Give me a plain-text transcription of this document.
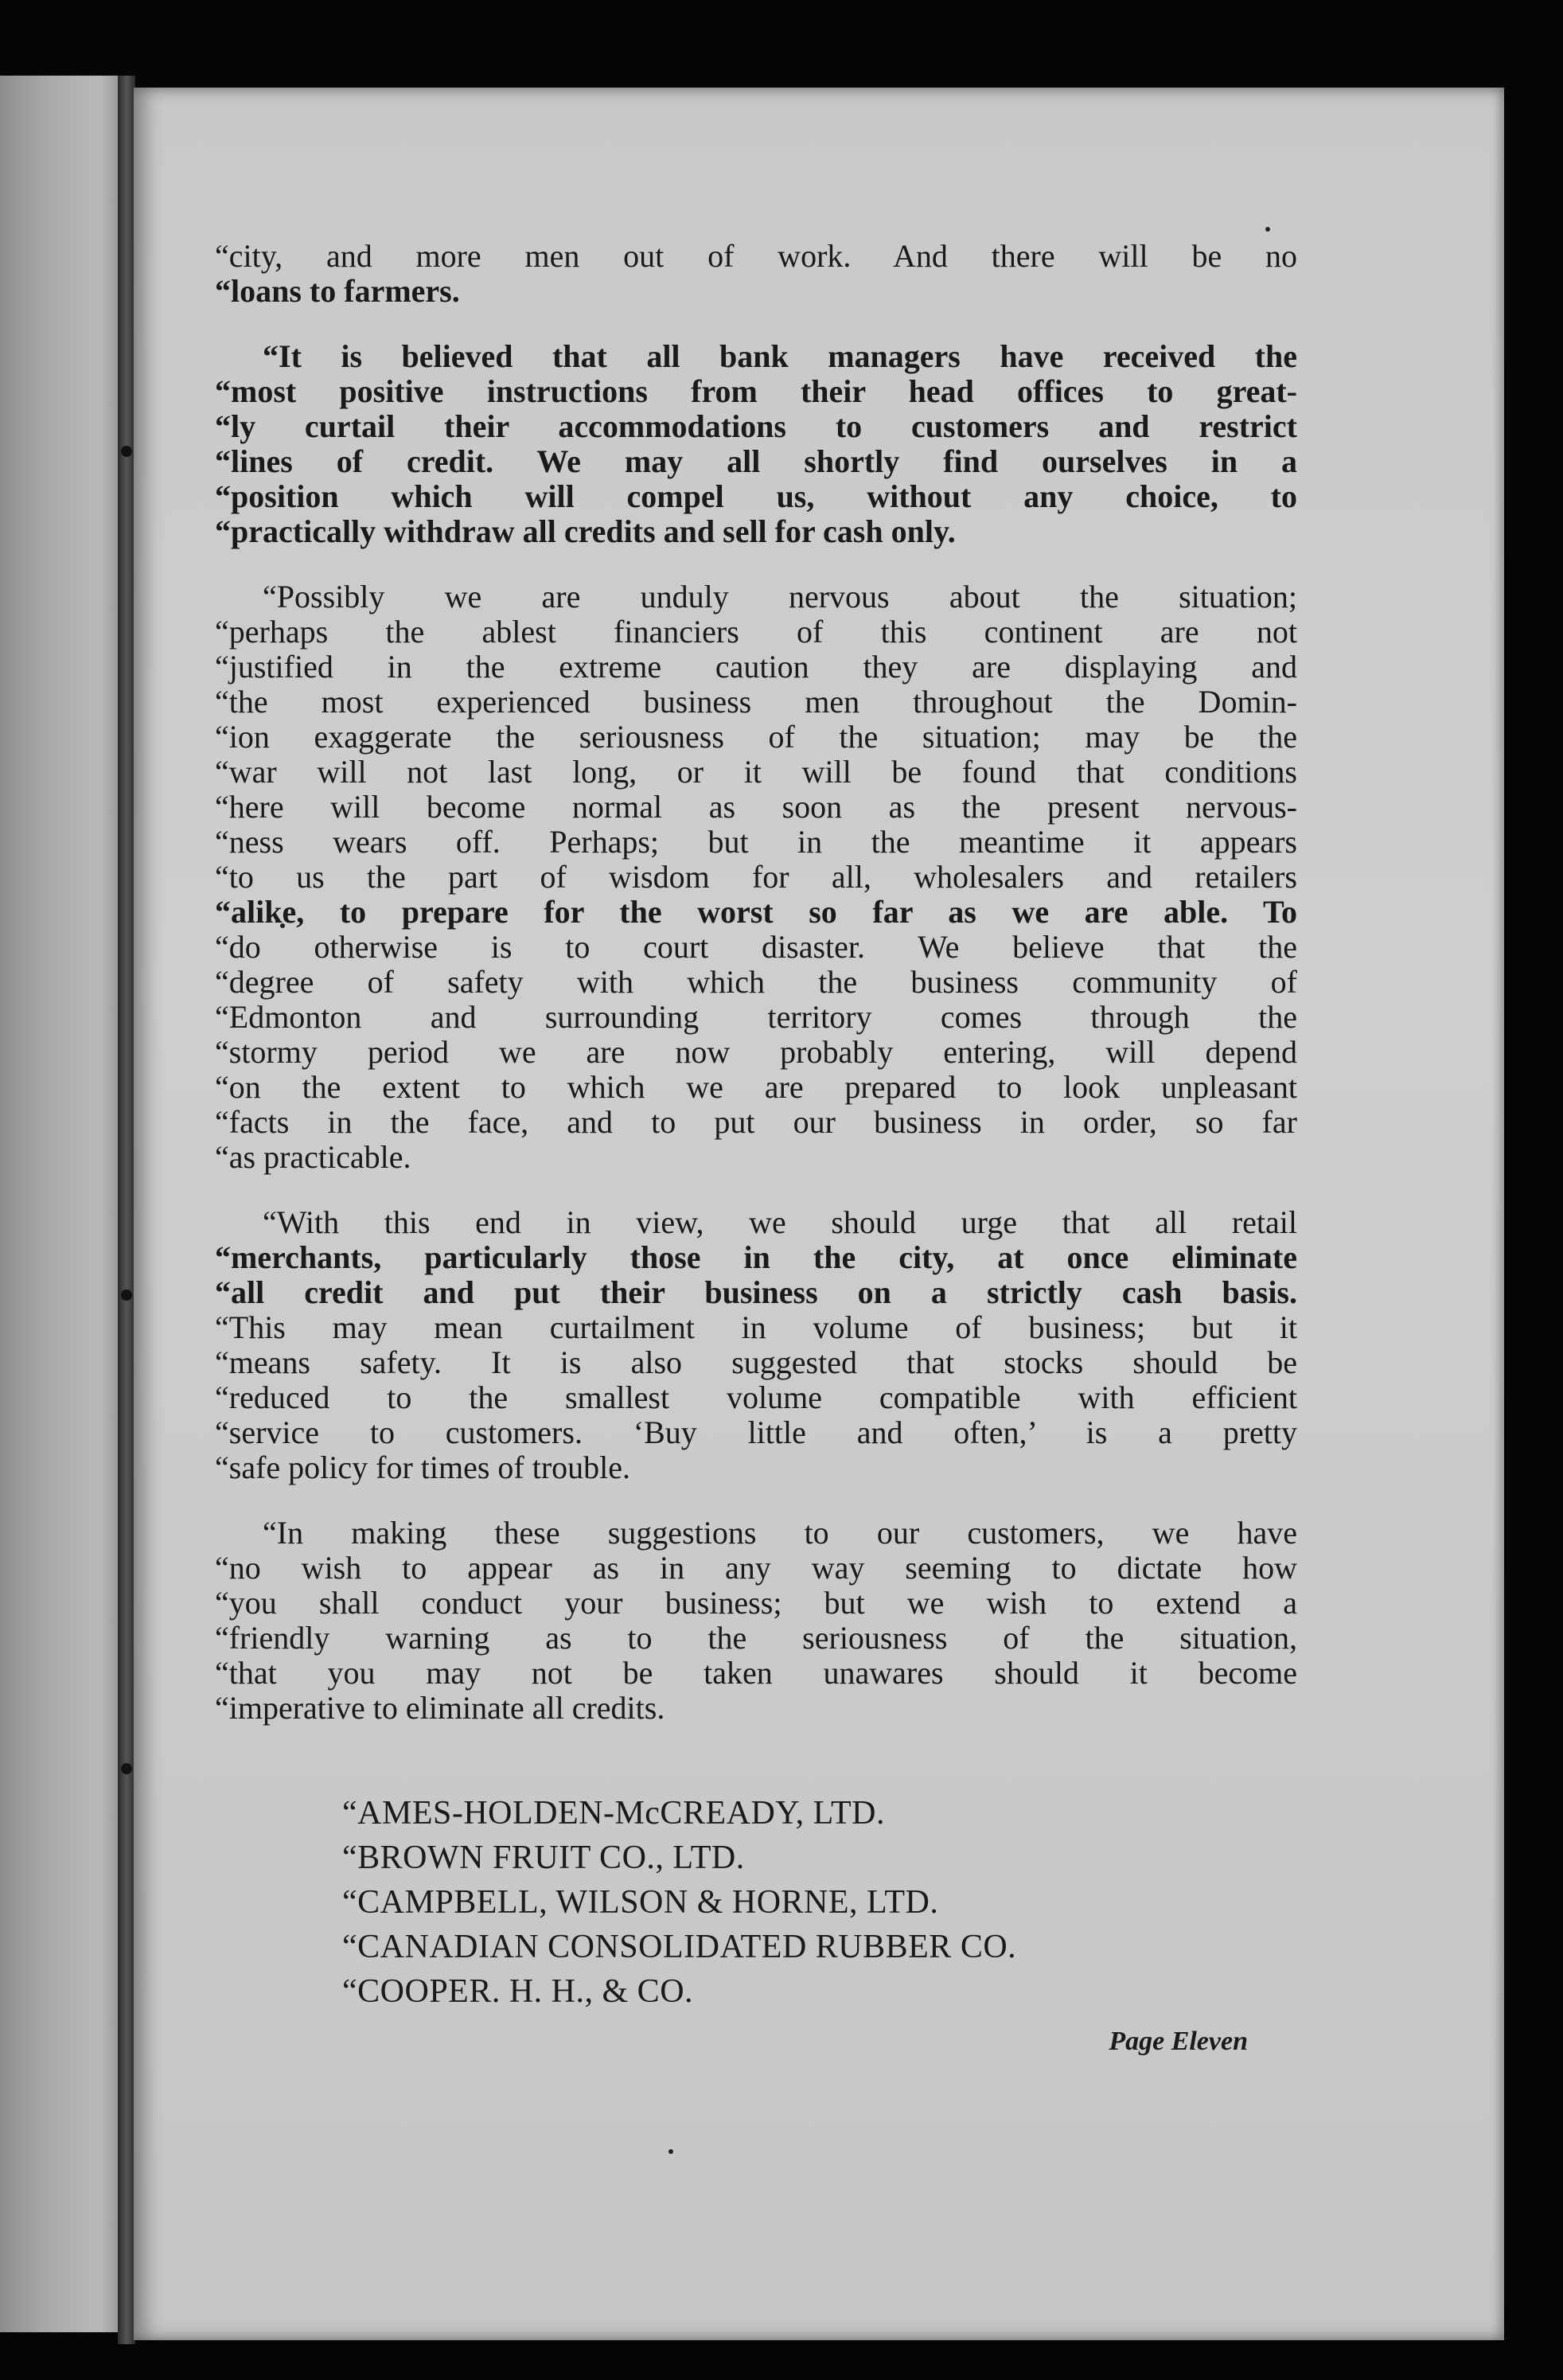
“city, and more men out of work. And there will be no
“loans to farmers.

“It is believed that all bank managers have received the
“most positive instructions from their head offices to great-
“ly curtail their accommodations to customers and restrict
“lines of credit. We may all shortly find ourselves in a
“position which will compel us, without any choice, to
“practically withdraw all credits and sell for cash only.

“Possibly we are unduly nervous about the situation;
“perhaps the ablest financiers of this continent are not
“justified in the extreme caution they are displaying and
“the most experienced business men throughout the Domin-
“ion exaggerate the seriousness of the situation; may be the
“war will not last long, or it will be found that conditions
“here will become normal as soon as the present nervous-
“ness wears off. Perhaps; but in the meantime it appears
“to us the part of wisdom for all, wholesalers and retailers
“alike, to prepare for the worst so far as we are able. To
“do otherwise is to court disaster. We believe that the
“degree of safety with which the business community of
“Edmonton and surrounding territory comes through the
“stormy period we are now probably entering, will depend
“on the extent to which we are prepared to look unpleasant
“facts in the face, and to put our business in order, so far
“as practicable.

“With this end in view, we should urge that all retail
“merchants, particularly those in the city, at once eliminate
“all credit and put their business on a strictly cash basis.
“This may mean curtailment in volume of business; but it
“means safety. It is also suggested that stocks should be
“reduced to the smallest volume compatible with efficient
“service to customers. ‘Buy little and often,’ is a pretty
“safe policy for times of trouble.

“In making these suggestions to our customers, we have
“no wish to appear as in any way seeming to dictate how
“you shall conduct your business; but we wish to extend a
“friendly warning as to the seriousness of the situation,
“that you may not be taken unawares should it become
“imperative to eliminate all credits.

“AMES-HOLDEN-McCREADY, LTD.
“BROWN FRUIT CO., LTD.
“CAMPBELL, WILSON & HORNE, LTD.
“CANADIAN CONSOLIDATED RUBBER CO.
“COOPER. H. H., & CO.
Page Eleven
